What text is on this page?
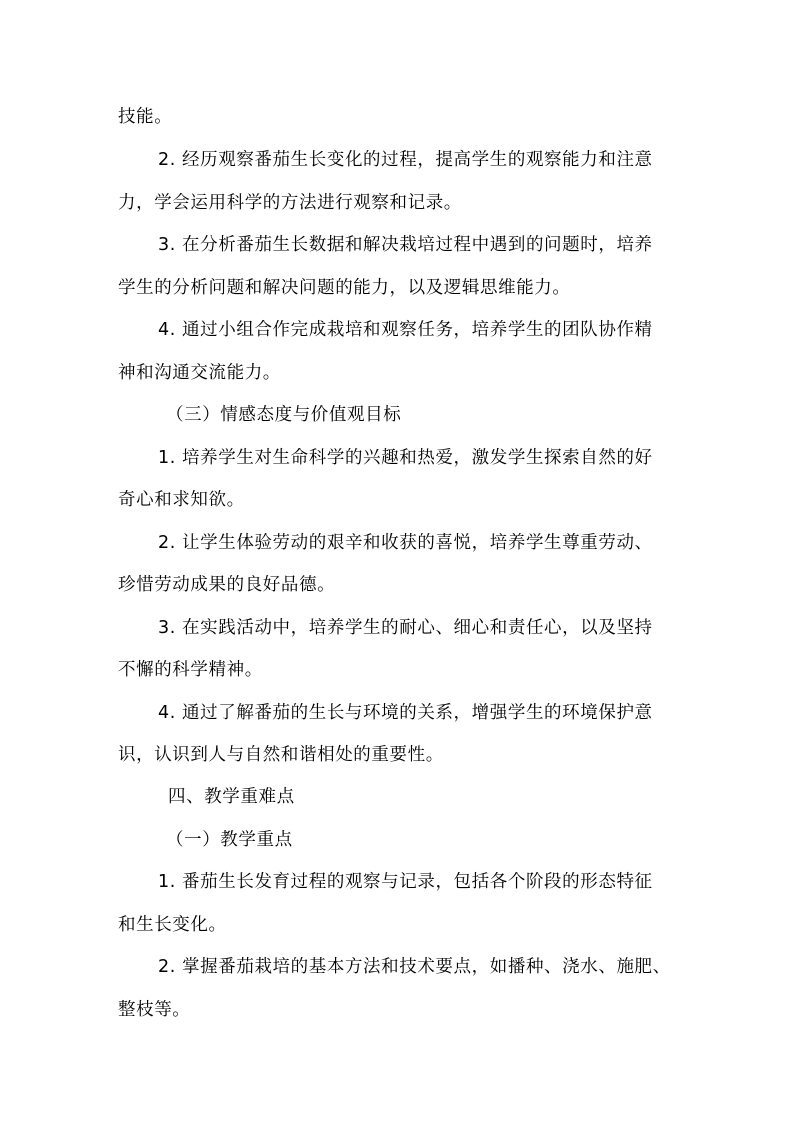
技能。
2. 经历观察番茄生长变化的过程，提高学生的观察能力和注意
力，学会运用科学的方法进行观察和记录。
3. 在分析番茄生长数据和解决栽培过程中遇到的问题时，培养
学生的分析问题和解决问题的能力，以及逻辑思维能力。
4. 通过小组合作完成栽培和观察任务，培养学生的团队协作精
神和沟通交流能力。
（三）情感态度与价值观目标
1. 培养学生对生命科学的兴趣和热爱，激发学生探索自然的好
奇心和求知欲。
2. 让学生体验劳动的艰辛和收获的喜悦，培养学生尊重劳动、
珍惜劳动成果的良好品德。
3. 在实践活动中，培养学生的耐心、细心和责任心，以及坚持
不懈的科学精神。
4. 通过了解番茄的生长与环境的关系，增强学生的环境保护意
识，认识到人与自然和谐相处的重要性。
四、教学重难点
（一）教学重点
1. 番茄生长发育过程的观察与记录，包括各个阶段的形态特征
和生长变化。
2. 掌握番茄栽培的基本方法和技术要点，如播种、浇水、施肥、
整枝等。
